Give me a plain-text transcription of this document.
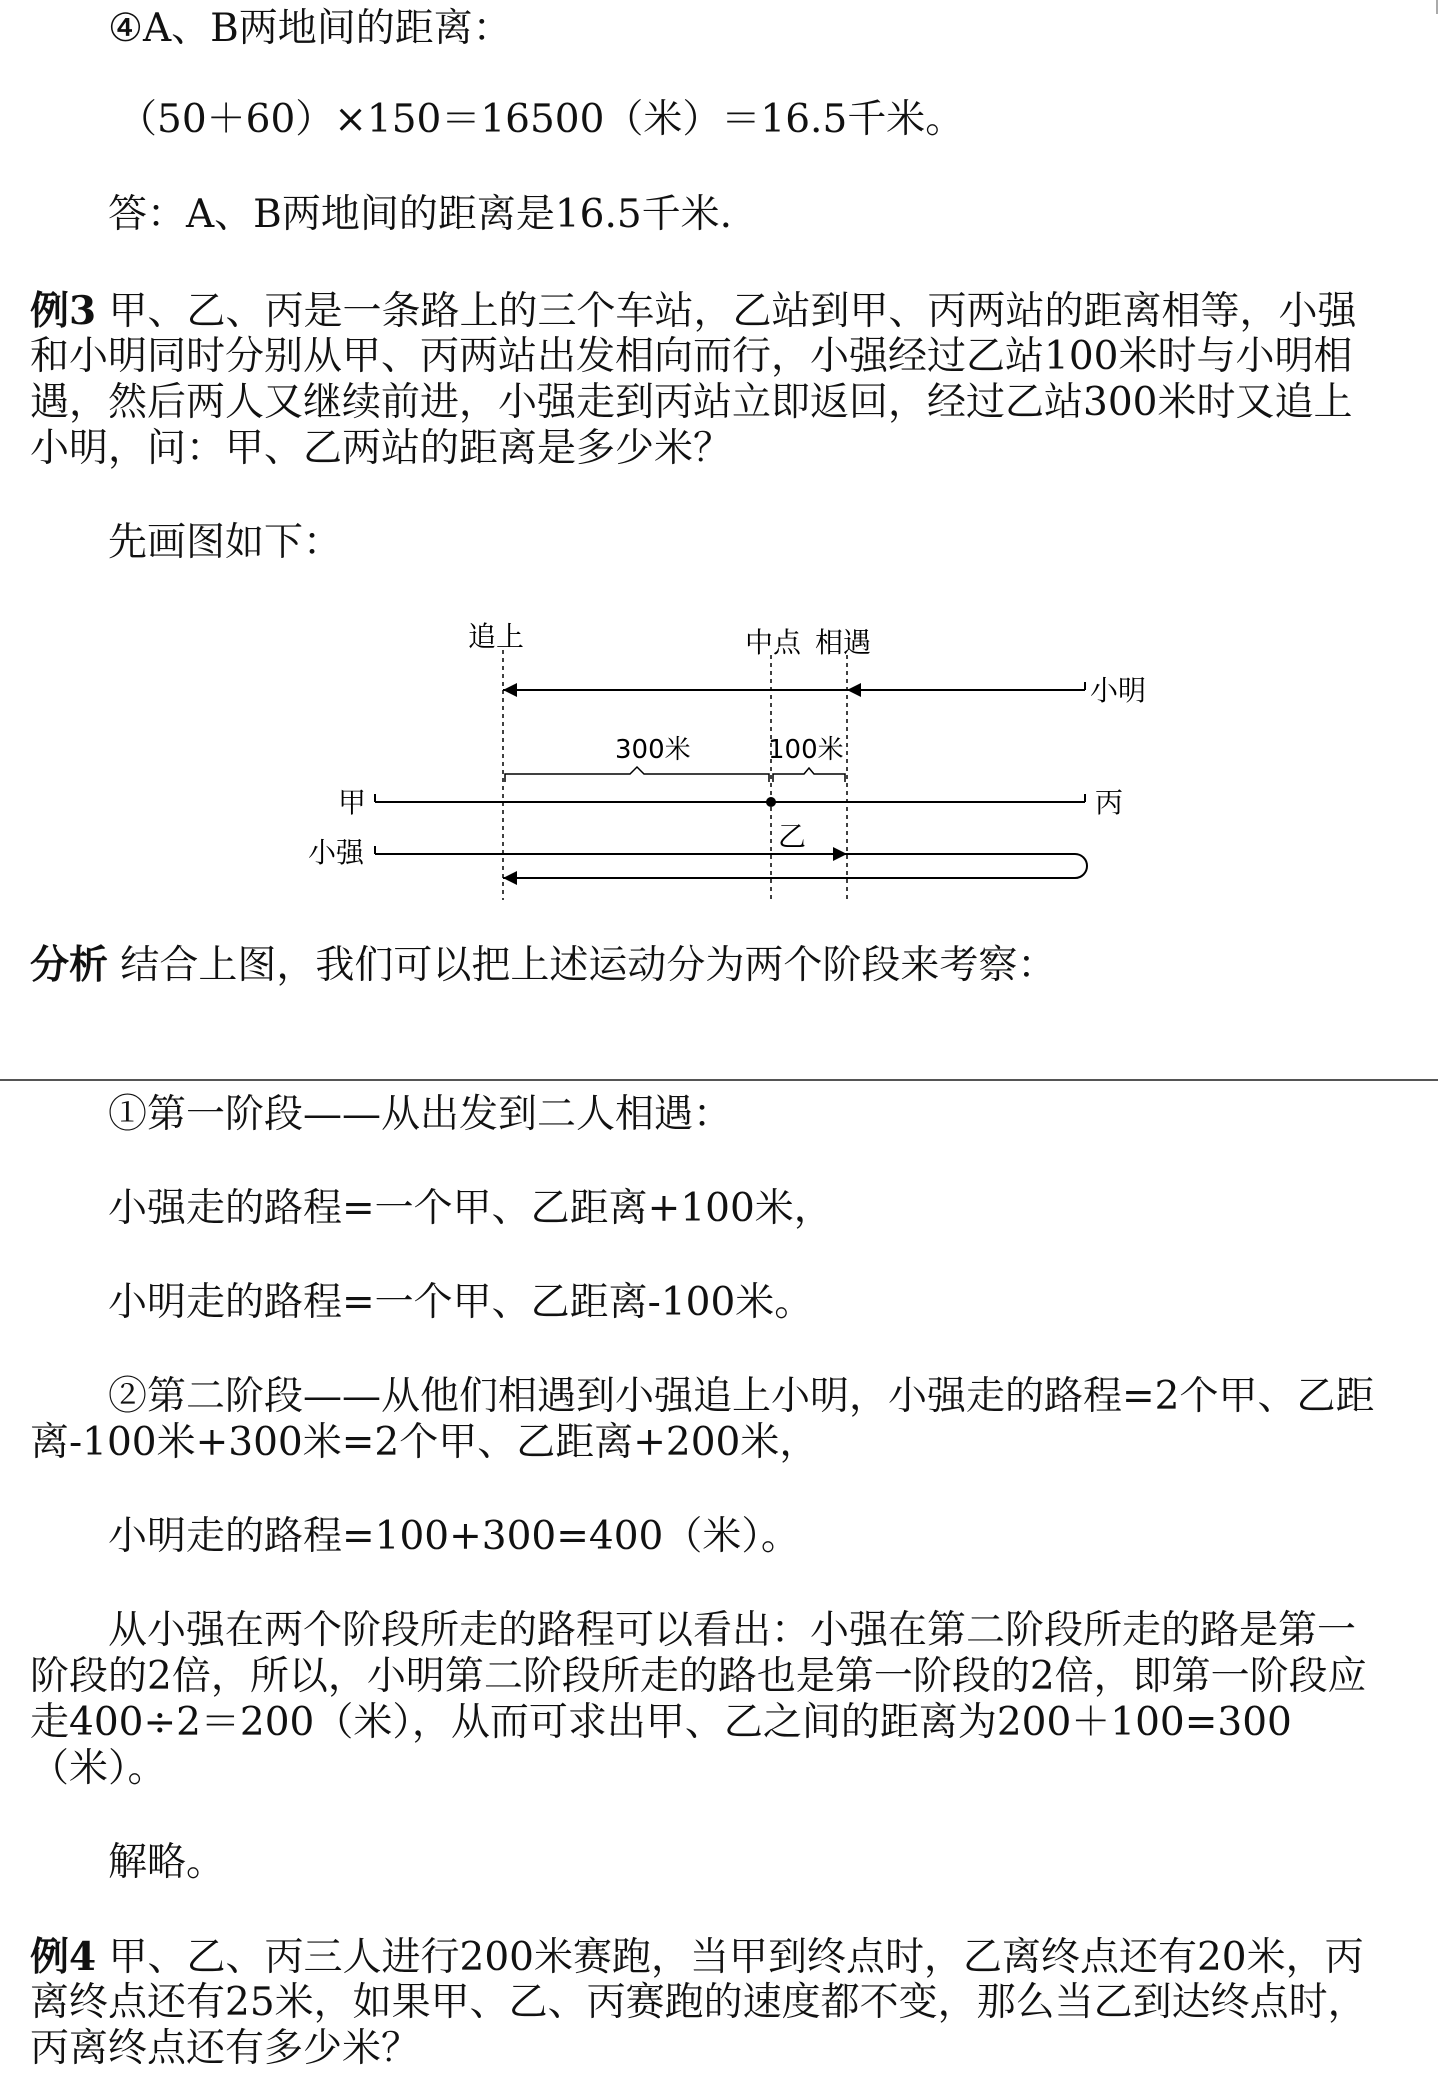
④A、B两地间的距离：
（50＋60）×150＝16500（米）＝16.5千米。
答：A、B两地间的距离是16.5千米.
例3 甲、乙、丙是一条路上的三个车站，乙站到甲、丙两站的距离相等，小强
和小明同时分别从甲、丙两站出发相向而行，小强经过乙站100米时与小明相
遇，然后两人又继续前进，小强走到丙站立即返回，经过乙站300米时又追上
小明，问：甲、乙两站的距离是多少米？
先画图如下：
追上	中点 相遇
小明
300米	100米
甲	丙
乙
小强
分析 结合上图，我们可以把上述运动分为两个阶段来考察：
①第一阶段——从出发到二人相遇：
小强走的路程=一个甲、乙距离+100米，
小明走的路程=一个甲、乙距离-100米。
②第二阶段——从他们相遇到小强追上小明，小强走的路程=2个甲、乙距
离-100米+300米=2个甲、乙距离+200米，
小明走的路程=100+300=400（米）。
从小强在两个阶段所走的路程可以看出：小强在第二阶段所走的路是第一
阶段的2倍，所以，小明第二阶段所走的路也是第一阶段的2倍，即第一阶段应
走400÷2＝200（米），从而可求出甲、乙之间的距离为200＋100=300
（米）。
解略。
例4 甲、乙、丙三人进行200米赛跑，当甲到终点时，乙离终点还有20米，丙
离终点还有25米，如果甲、乙、丙赛跑的速度都不变，那么当乙到达终点时，
丙离终点还有多少米？
